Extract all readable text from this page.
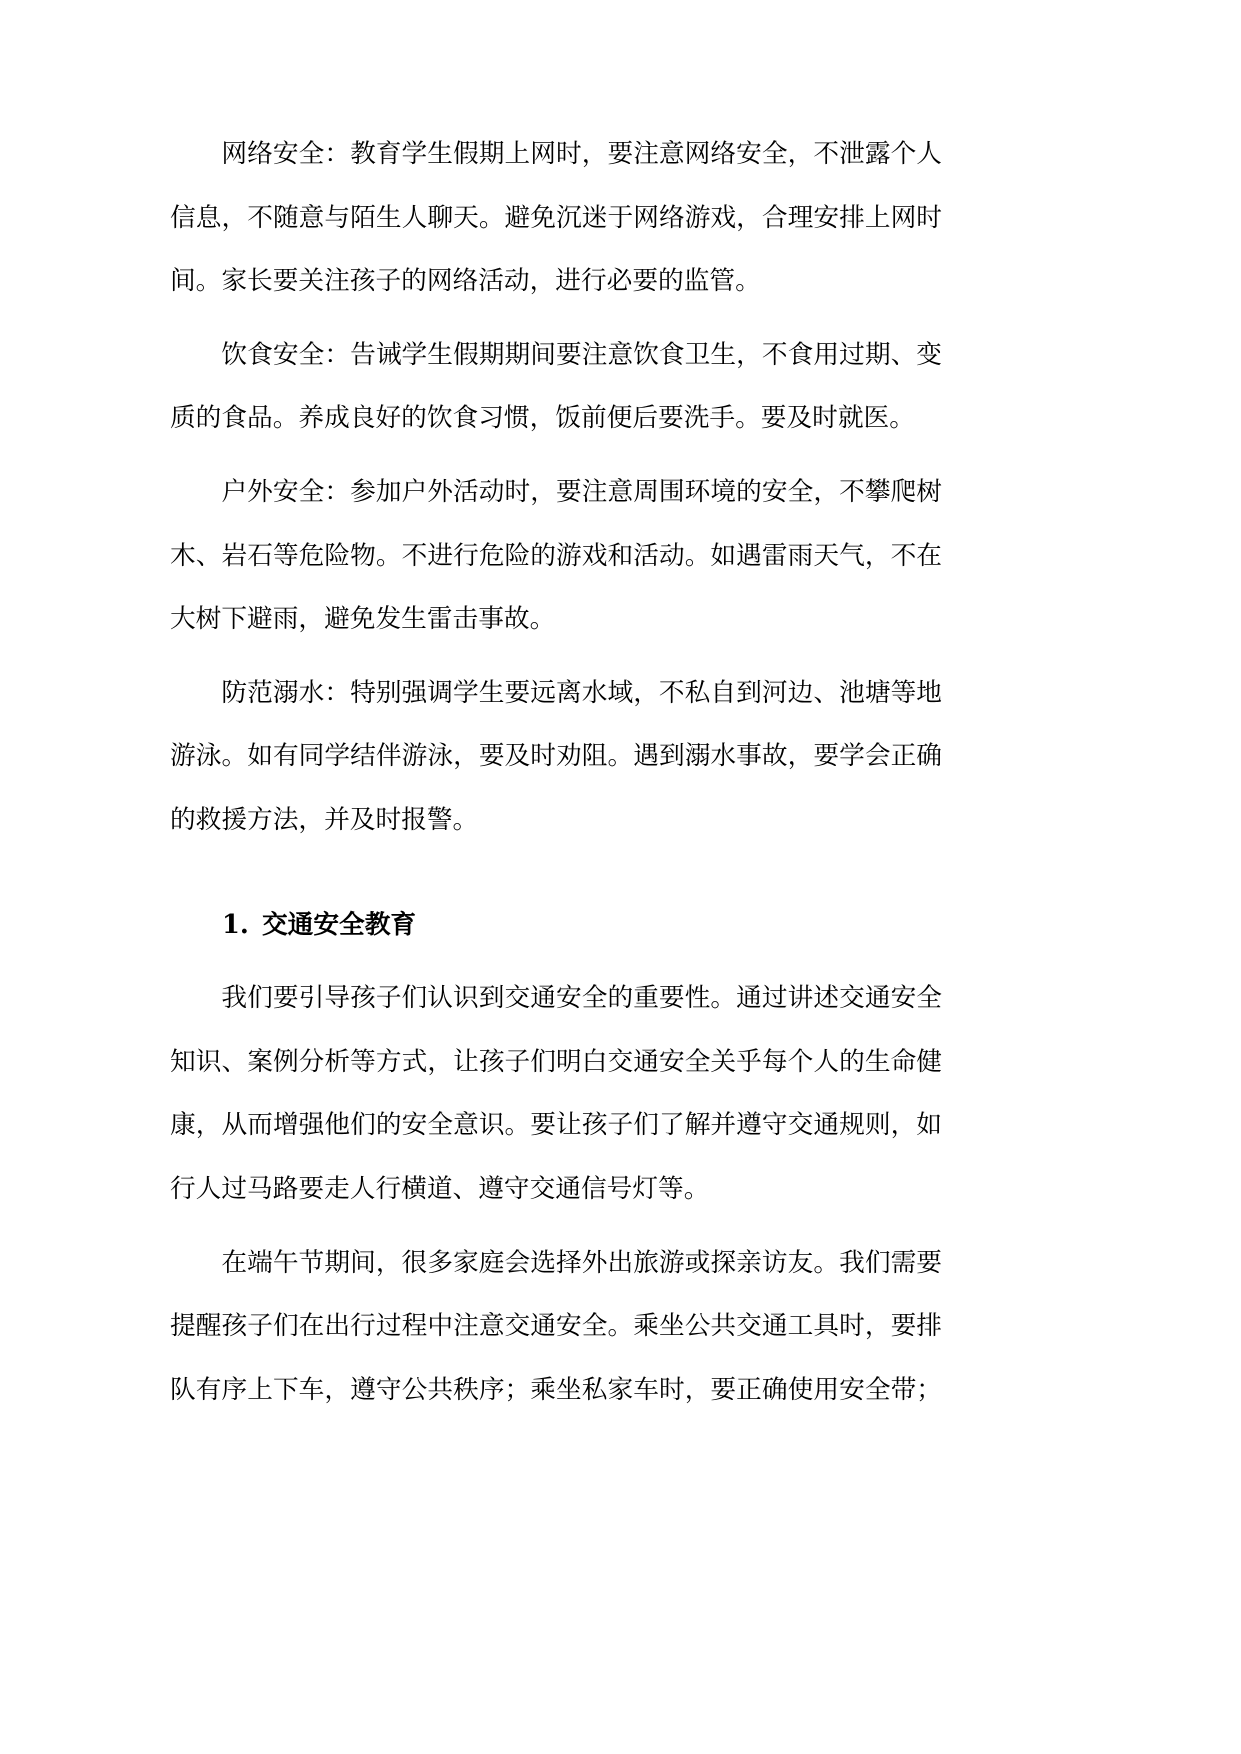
网络安全：教育学生假期上网时，要注意网络安全，不泄露个人
信息，不随意与陌生人聊天。避免沉迷于网络游戏，合理安排上网时
间。家长要关注孩子的网络活动，进行必要的监管。
饮食安全：告诫学生假期期间要注意饮食卫生，不食用过期、变
质的食品。养成良好的饮食习惯，饭前便后要洗手。要及时就医。
户外安全：参加户外活动时，要注意周围环境的安全，不攀爬树
木、岩石等危险物。不进行危险的游戏和活动。如遇雷雨天气，不在
大树下避雨，避免发生雷击事故。
防范溺水：特别强调学生要远离水域，不私自到河边、池塘等地
游泳。如有同学结伴游泳，要及时劝阻。遇到溺水事故，要学会正确
的救援方法，并及时报警。
1. 交通安全教育
我们要引导孩子们认识到交通安全的重要性。通过讲述交通安全
知识、案例分析等方式，让孩子们明白交通安全关乎每个人的生命健
康，从而增强他们的安全意识。要让孩子们了解并遵守交通规则，如
行人过马路要走人行横道、遵守交通信号灯等。
在端午节期间，很多家庭会选择外出旅游或探亲访友。我们需要
提醒孩子们在出行过程中注意交通安全。乘坐公共交通工具时，要排
队有序上下车，遵守公共秩序；乘坐私家车时，要正确使用安全带；
